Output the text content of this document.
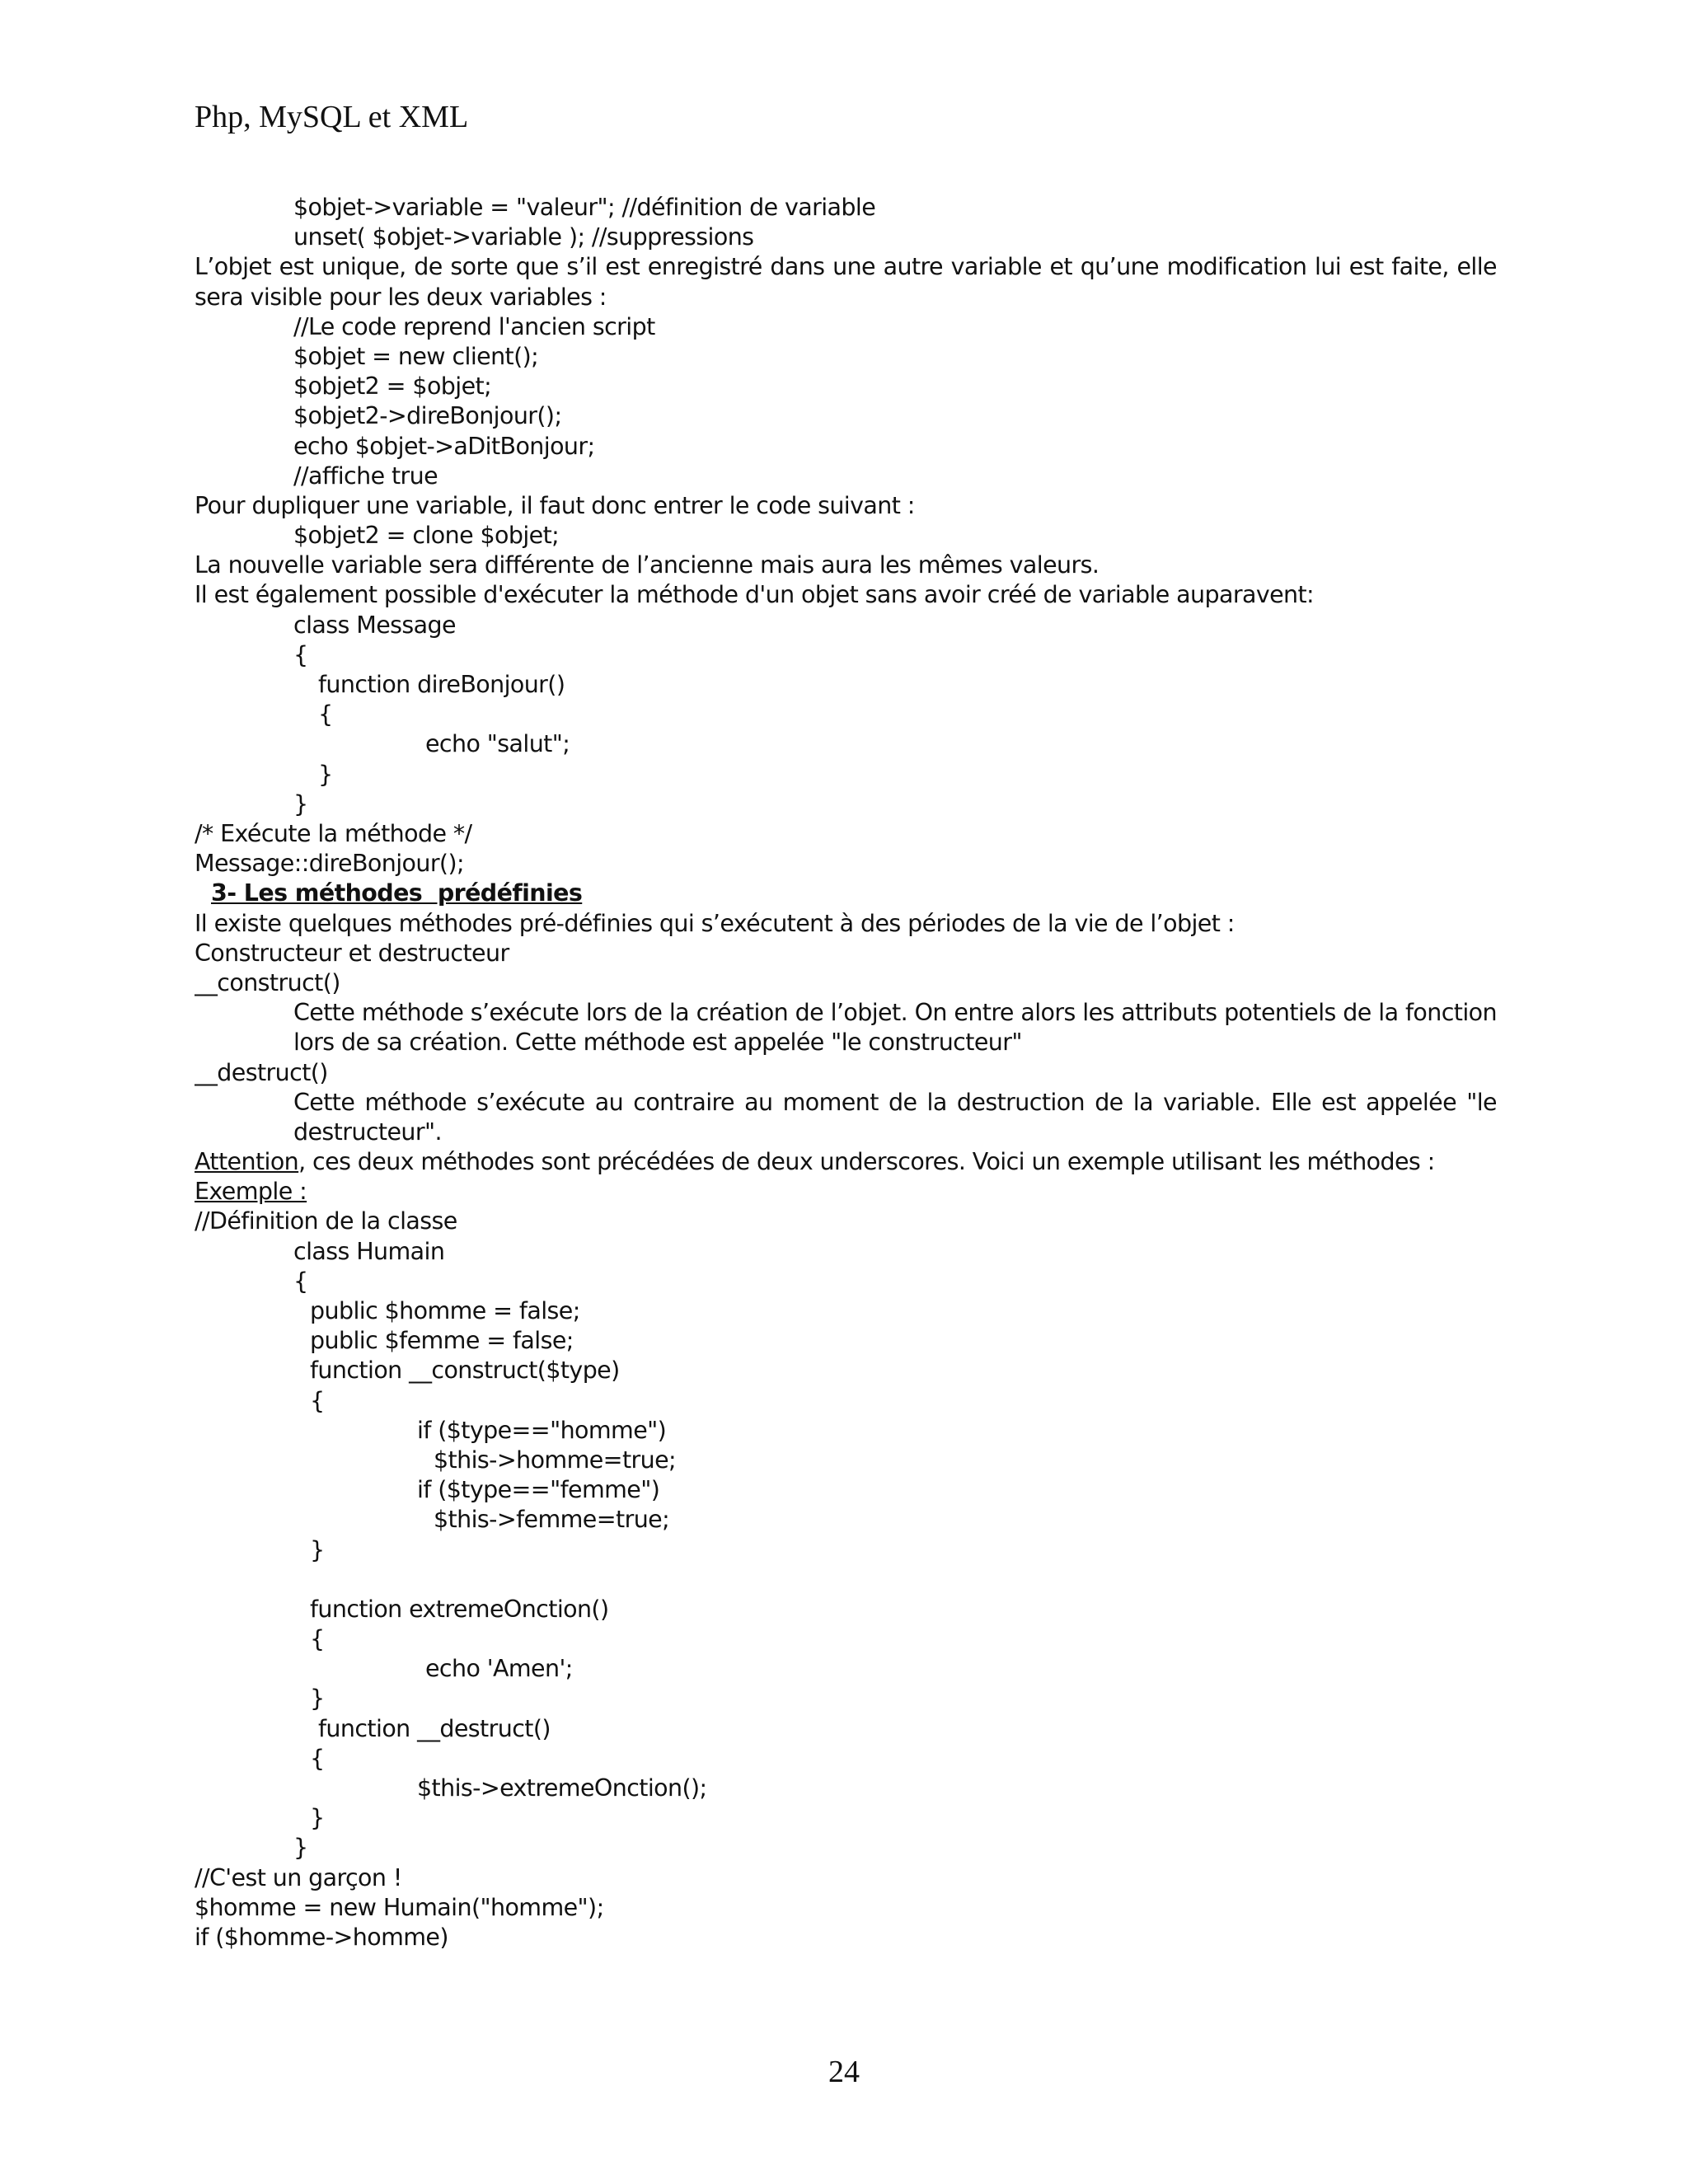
Php, MySQL et XML
$objet->variable = "valeur"; //définition de variable
unset( $objet->variable ); //suppressions
L’objet est unique, de sorte que s’il est enregistré dans une autre variable et qu’une modification lui est faite, elle sera visible pour les deux variables :
//Le code reprend l'ancien script
$objet = new client();
$objet2 = $objet;
$objet2->direBonjour();
echo $objet->aDitBonjour;
//affiche true
Pour dupliquer une variable, il faut donc entrer le code suivant :
$objet2 = clone $objet;
La nouvelle variable sera différente de l’ancienne mais aura les mêmes valeurs.
Il est également possible d'exécuter la méthode d'un objet sans avoir créé de variable auparavent:
class Message
{
function direBonjour()
{
echo "salut";
}
}
/* Exécute la méthode */
Message::direBonjour();
3- Les méthodes  prédéfinies
Il existe quelques méthodes pré-définies qui s’exécutent à des périodes de la vie de l’objet :
Constructeur et destructeur
__construct()
Cette méthode s’exécute lors de la création de l’objet. On entre alors les attributs potentiels de la fonction lors de sa création. Cette méthode est appelée "le constructeur"
__destruct()
Cette méthode s’exécute au contraire au moment de la destruction de la variable. Elle est appelée "le destructeur".
Attention, ces deux méthodes sont précédées de deux underscores. Voici un exemple utilisant les méthodes :
Exemple :
//Définition de la classe
class Humain
{
public $homme = false;
public $femme = false;
function __construct($type)
{
if ($type=="homme")
$this->homme=true;
if ($type=="femme")
$this->femme=true;
}
function extremeOnction()
{
echo 'Amen';
}
function __destruct()
{
$this->extremeOnction();
}
}
//C'est un garçon !
$homme = new Humain("homme");
if ($homme->homme)
24
